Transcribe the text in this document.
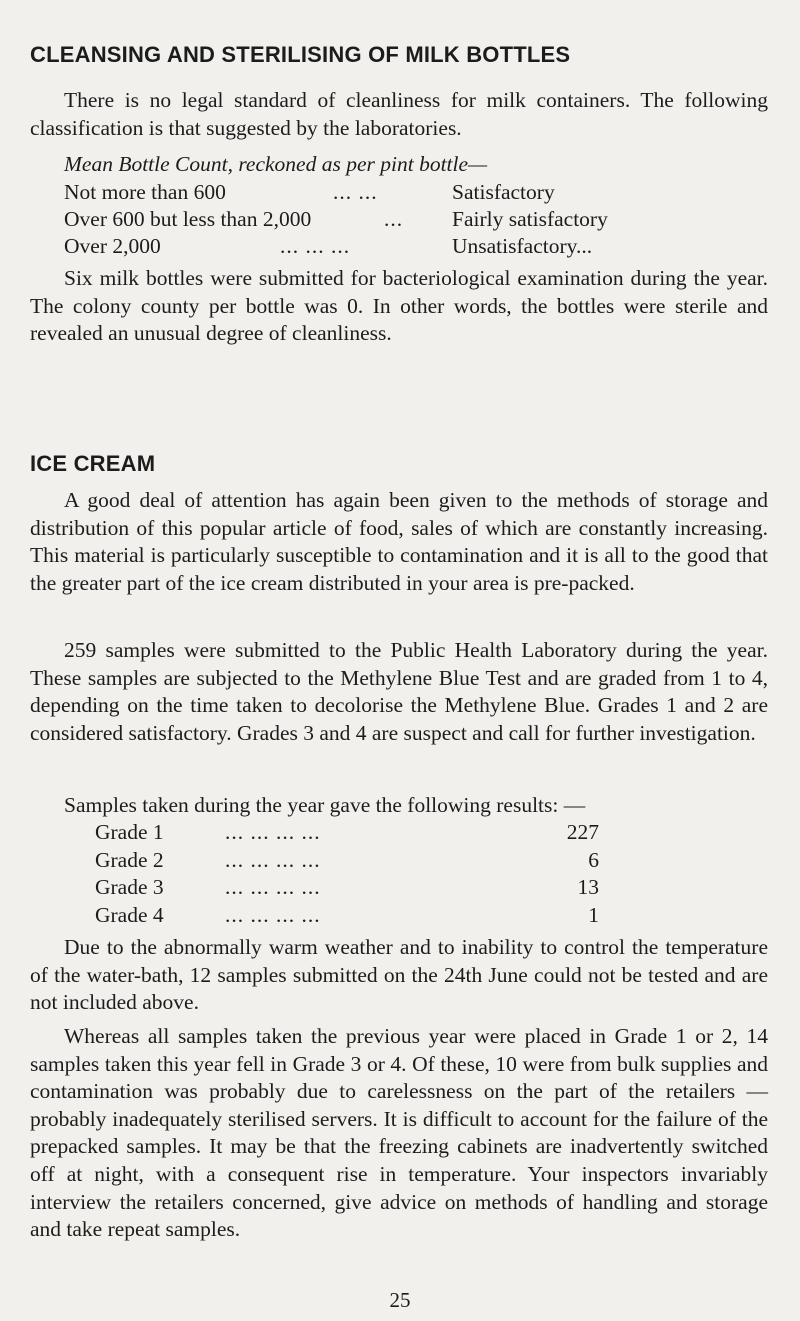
CLEANSING AND STERILISING OF MILK BOTTLES

There is no legal standard of cleanliness for milk containers. The following classification is that suggested by the laboratories.

Mean Bottle Count, reckoned as per pint bottle—
Not more than 600	... ...	Satisfactory
Over 600 but less than 2,000	... Fairly satisfactory
Over 2,000	... ... ...	Unsatisfactory...

Six milk bottles were submitted for bacteriological examination during the year. The colony county per bottle was 0. In other words, the bottles were sterile and revealed an unusual degree of cleanliness.

ICE CREAM

A good deal of attention has again been given to the methods of storage and distribution of this popular article of food, sales of which are constantly increasing. This material is particularly susceptible to contamination and it is all to the good that the greater part of the ice cream distributed in your area is pre-packed.

259 samples were submitted to the Public Health Laboratory during the year. These samples are subjected to the Methylene Blue Test and are graded from 1 to 4, depending on the time taken to decolorise the Methylene Blue. Grades 1 and 2 are considered satisfactory. Grades 3 and 4 are suspect and call for further investigation.

Samples taken during the year gave the following results: —
Grade 1	... ... ... ...	227
Grade 2	... ... ... ...	6
Grade 3	... ... ... ...	13
Grade 4	... ... ... ...	1

Due to the abnormally warm weather and to inability to control the temperature of the water-bath, 12 samples submitted on the 24th June could not be tested and are not included above.

Whereas all samples taken the previous year were placed in Grade 1 or 2, 14 samples taken this year fell in Grade 3 or 4. Of these, 10 were from bulk supplies and contamination was probably due to carelessness on the part of the retailers — probably inadequately sterilised servers. It is difficult to account for the failure of the prepacked samples. It may be that the freezing cabinets are inadvertently switched off at night, with a consequent rise in temperature. Your inspectors invariably interview the retailers concerned, give advice on methods of handling and storage and take repeat samples.

25
